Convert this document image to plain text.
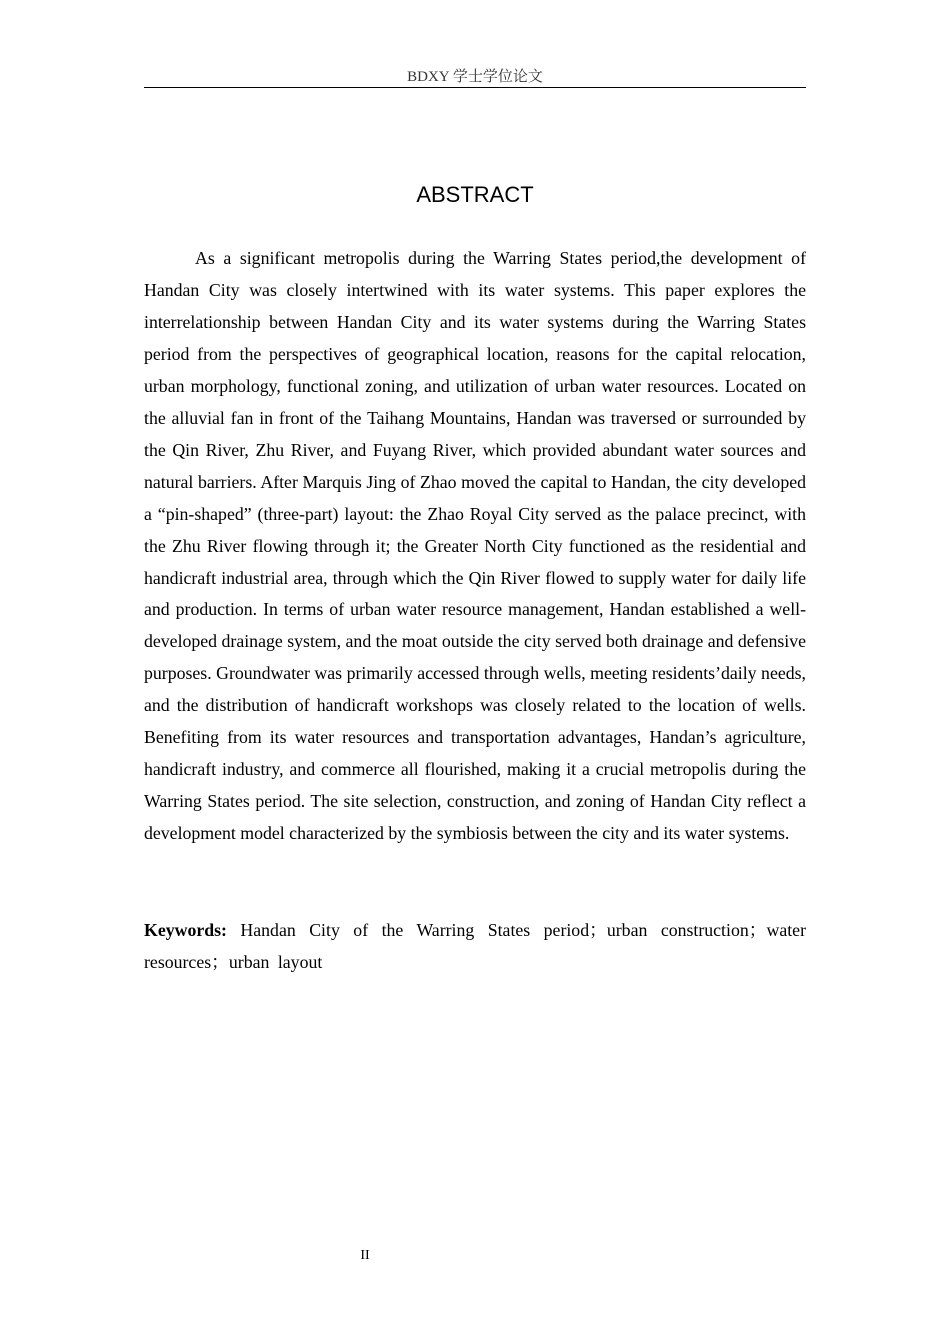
BDXY 学士学位论文
ABSTRACT

As a significant metropolis during the Warring States period,the development of Handan City was closely intertwined with its water systems. This paper explores the interrelationship between Handan City and its water systems during the Warring States period from the perspectives of geographical location, reasons for the capital relocation, urban morphology, functional zoning, and utilization of urban water resources. Located on the alluvial fan in front of the Taihang Mountains, Handan was traversed or surrounded by the Qin River, Zhu River, and Fuyang River, which provided abundant water sources and natural barriers. After Marquis Jing of Zhao moved the capital to Handan, the city developed a “pin-shaped” (three-part) layout: the Zhao Royal City served as the palace precinct, with the Zhu River flowing through it; the Greater North City functioned as the residential and handicraft industrial area, through which the Qin River flowed to supply water for daily life and production. In terms of urban water resource management, Handan established a well-developed drainage system, and the moat outside the city served both drainage and defensive purposes. Groundwater was primarily accessed through wells, meeting residents’daily needs, and the distribution of handicraft workshops was closely related to the location of wells. Benefiting from its water resources and transportation advantages, Handan’s agriculture, handicraft industry, and commerce all flourished, making it a crucial metropolis during the Warring States period. The site selection, construction, and zoning of Handan City reflect a development model characterized by the symbiosis between the city and its water systems.

Keywords: Handan City of the Warring States period；urban construction；water resources；urban layout

II
